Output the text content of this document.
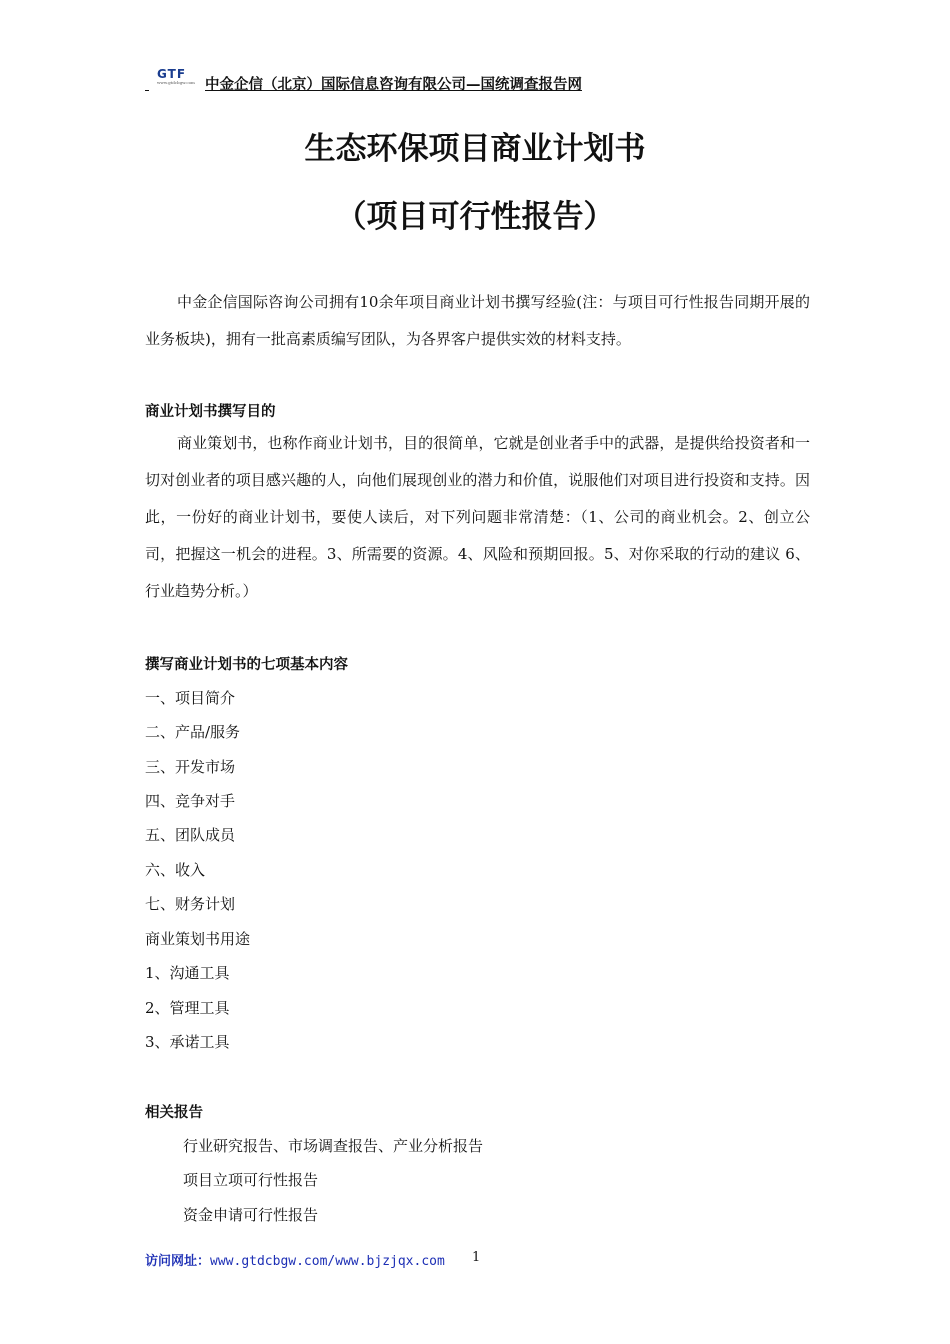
GTF
www.gtdcbgw.com 中金企信（北京）国际信息咨询有限公司—国统调查报告网
生态环保项目商业计划书
（项目可行性报告）
中金企信国际咨询公司拥有10余年项目商业计划书撰写经验(注：与项目可行性报告同期开展的业务板块)，拥有一批高素质编写团队，为各界客户提供实效的材料支持。
商业计划书撰写目的
商业策划书，也称作商业计划书，目的很简单，它就是创业者手中的武器，是提供给投资者和一切对创业者的项目感兴趣的人，向他们展现创业的潜力和价值，说服他们对项目进行投资和支持。因此，一份好的商业计划书，要使人读后，对下列问题非常清楚：（1、公司的商业机会。2、创立公司，把握这一机会的进程。3、所需要的资源。4、风险和预期回报。5、对你采取的行动的建议 6、行业趋势分析。）
撰写商业计划书的七项基本内容
一、项目简介
二、产品/服务
三、开发市场
四、竞争对手
五、团队成员
六、收入
七、财务计划
商业策划书用途
1、沟通工具
2、管理工具
3、承诺工具
相关报告
行业研究报告、市场调查报告、产业分析报告
项目立项可行性报告
资金申请可行性报告
访问网址：www.gtdcbgw.com/www.bjzjqx.com 1
